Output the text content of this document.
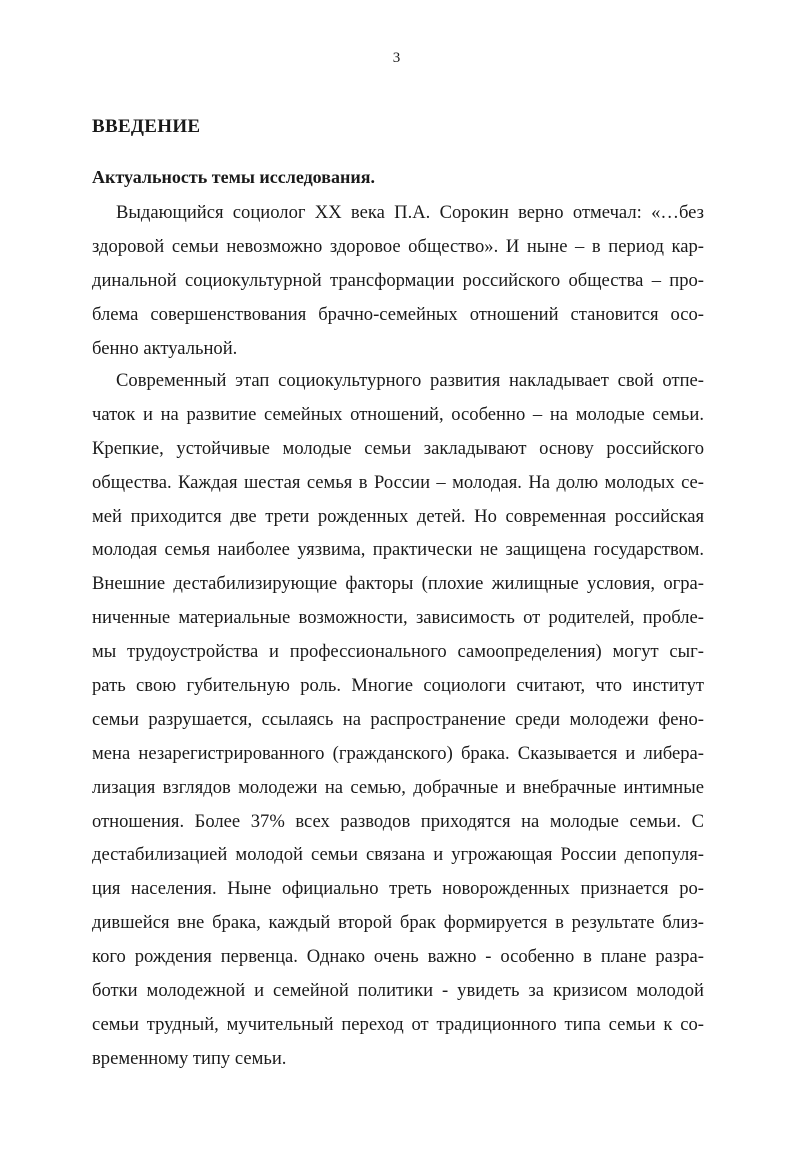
3
ВВЕДЕНИЕ
Актуальность темы исследования.
Выдающийся социолог XX века П.А. Сорокин верно отмечал: «…без
здоровой семьи невозможно здоровое общество». И ныне – в период кар-
динальной социокультурной трансформации российского общества – про-
блема совершенствования брачно-семейных отношений становится осо-
бенно актуальной.
Современный этап социокультурного развития накладывает свой отпе-
чаток и на развитие семейных отношений, особенно – на молодые семьи.
Крепкие, устойчивые молодые семьи закладывают основу российского
общества. Каждая шестая семья в России – молодая. На долю молодых се-
мей приходится две трети рожденных детей. Но современная российская
молодая семья наиболее уязвима, практически не защищена государством.
Внешние дестабилизирующие факторы (плохие жилищные условия, огра-
ниченные материальные возможности, зависимость от родителей, пробле-
мы трудоустройства и профессионального самоопределения) могут сыг-
рать свою губительную роль. Многие социологи считают, что институт
семьи разрушается, ссылаясь на распространение среди молодежи фено-
мена незарегистрированного (гражданского) брака. Сказывается и либера-
лизация взглядов молодежи на семью, добрачные и внебрачные интимные
отношения. Более 37% всех разводов приходятся на молодые семьи. С
дестабилизацией молодой семьи связана и угрожающая России депопуля-
ция населения. Ныне официально треть новорожденных признается ро-
дившейся вне брака, каждый второй брак формируется в результате близ-
кого рождения первенца. Однако очень важно - особенно в плане разра-
ботки молодежной и семейной политики - увидеть за кризисом молодой
семьи трудный, мучительный переход от традиционного типа семьи к со-
временному типу семьи.
